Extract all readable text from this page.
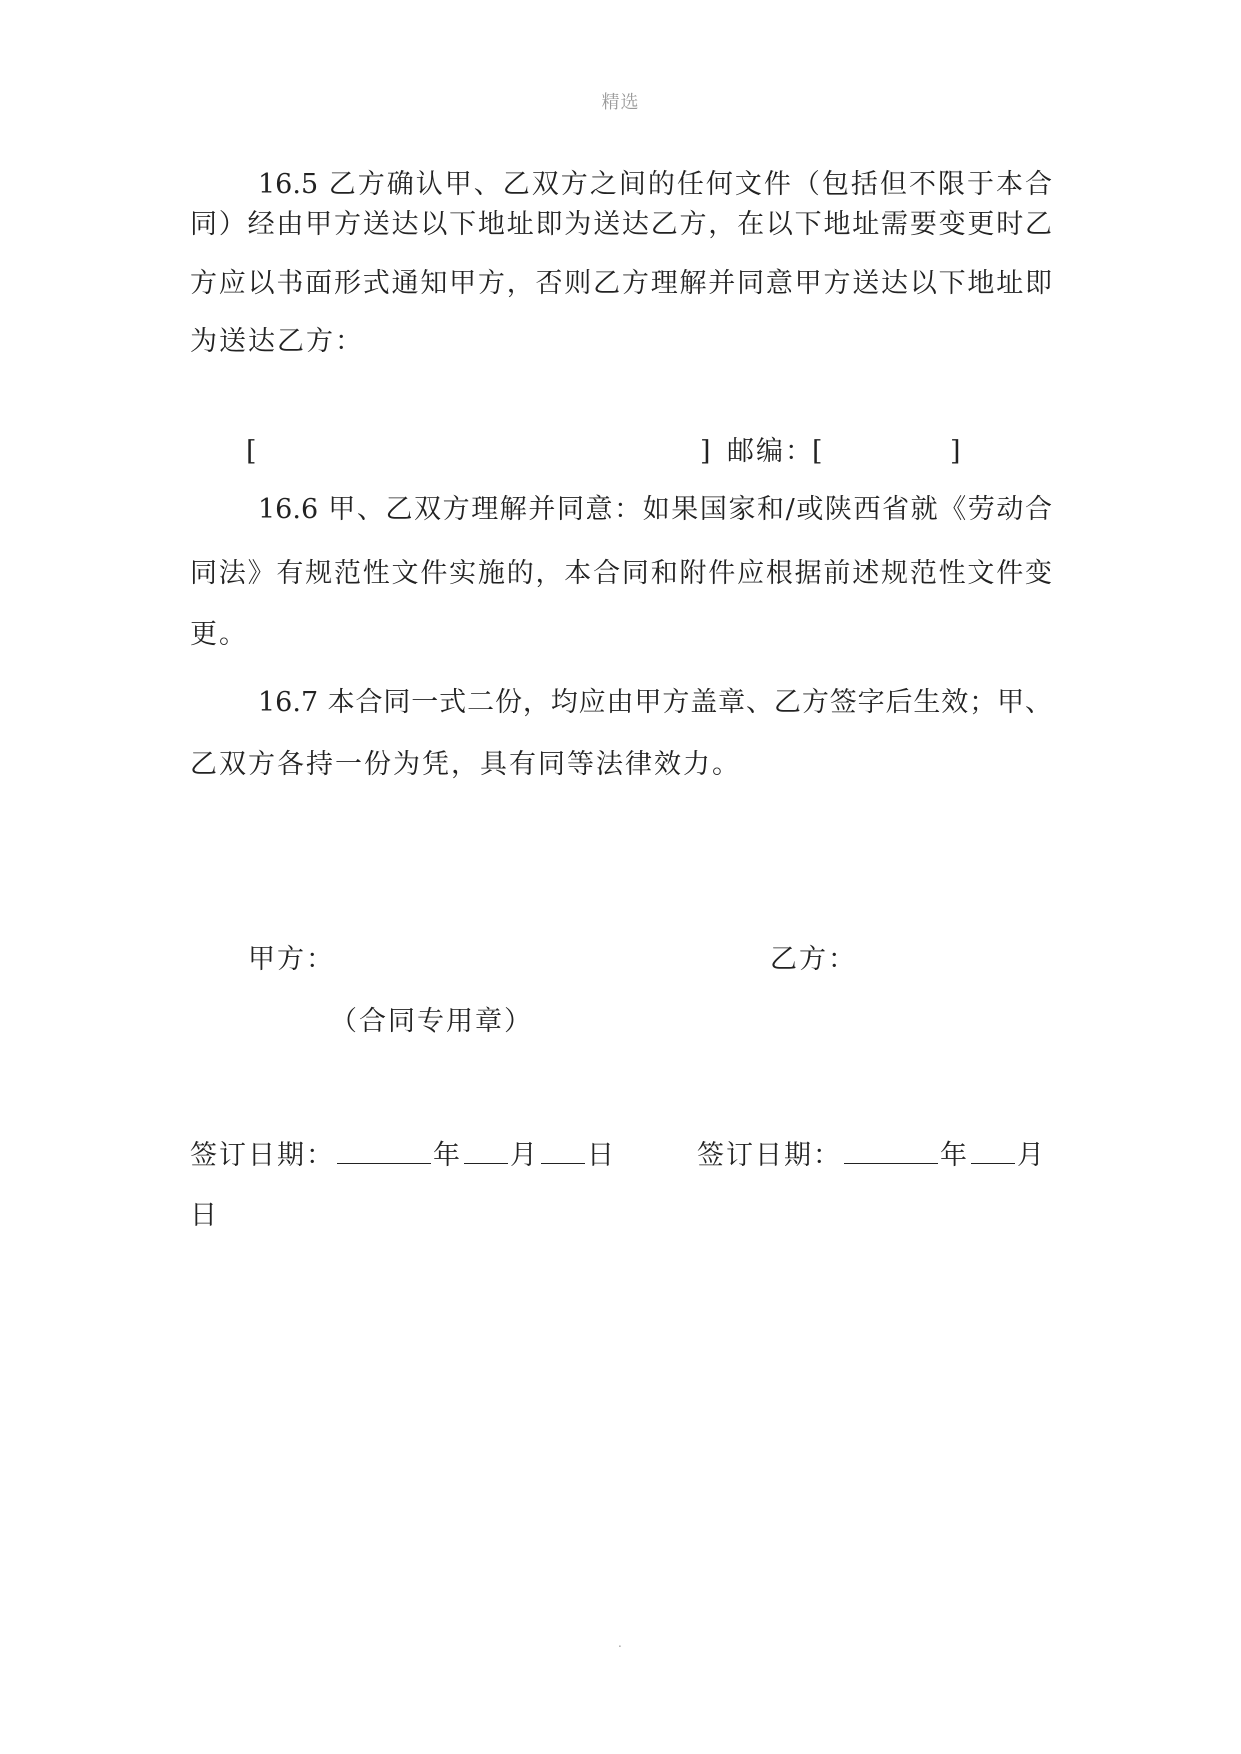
精选
16.5 乙方确认甲、乙双方之间的任何文件（包括但不限于本合
同）经由甲方送达以下地址即为送达乙方，在以下地址需要变更时乙
方应以书面形式通知甲方，否则乙方理解并同意甲方送达以下地址即
为送达乙方：
[	] 邮编：
[	]
16.6 甲、乙双方理解并同意：如果国家和/或陕西省就《劳动合
同法》有规范性文件实施的，本合同和附件应根据前述规范性文件变
更。
16.7 本合同一式二份，均应由甲方盖章、乙方签字后生效；甲、
乙双方各持一份为凭，具有同等法律效力。
甲方：	乙方：
（合同专用章）
签订日期：	年 月 日	签订日期：	年 月
日
.
